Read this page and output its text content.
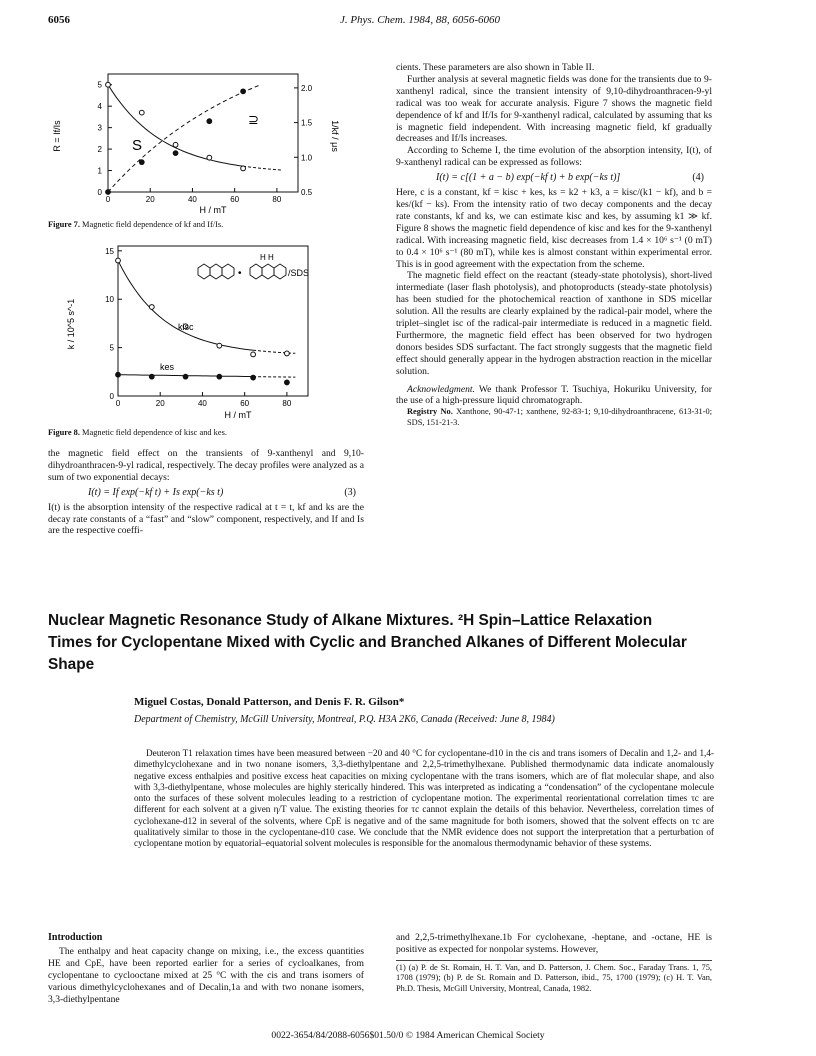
6056	J. Phys. Chem. 1984, 88, 6056-6060
0	20	40	60	80
0
1
2
3
4
5
0.5
1.0
1.5
2.0
R = If/Is	1/kf / μs
H / mT
S
⊇
Figure 7. Magnetic field dependence of kf and If/Is.
0	20	40	60	80
0
5
10
15
k / 10^5 s^-1
H / mT
kisc
kes
•
H H
/SDS
Figure 8. Magnetic field dependence of kisc and kes.

the magnetic field effect on the transients of 9-xanthenyl and 9,10-dihydroanthracen-9-yl radical, respectively. The decay profiles were analyzed as a sum of two exponential decays:

I(t) = If exp(−kf t) + Is exp(−ks t)	(3)

I(t) is the absorption intensity of the respective radical at t = t, kf and ks are the decay rate constants of a “fast” and “slow” component, respectively, and If and Is are the respective coeffi-

cients. These parameters are also shown in Table II.

Further analysis at several magnetic fields was done for the transients due to 9-xanthenyl radical, since the transient intensity of 9,10-dihydroanthracen-9-yl radical was too weak for accurate analysis. Figure 7 shows the magnetic field dependence of kf and If/Is for 9-xanthenyl radical, calculated by assuming that ks is magnetic field independent. With increasing magnetic field, kf gradually decreases and If/Is increases.

According to Scheme I, the time evolution of the absorption intensity, I(t), of 9-xanthenyl radical can be expressed as follows:

I(t) = c[(1 + a − b) exp(−kf t) + b exp(−ks t)]	(4)

Here, c is a constant, kf = kisc + kes, ks = k2 + k3, a = kisc/(k1 − kf), and b = kes/(kf − ks). From the intensity ratio of two decay components and the decay rate constants, kf and ks, we can estimate kisc and kes, by assuming k1 ≫ kf. Figure 8 shows the magnetic field dependence of kisc and kes for the 9-xanthenyl radical. With increasing magnetic field, kisc decreases from 1.4 × 10⁶ s⁻¹ (0 mT) to 0.4 × 10⁶ s⁻¹ (80 mT), while kes is almost constant within experimental error. This is in good agreement with the expectation from the scheme.

The magnetic field effect on the reactant (steady-state photolysis), short-lived intermediate (laser flash photolysis), and photoproducts (steady-state photolysis) has been studied for the photochemical reaction of xanthone in SDS micellar solution. All the results are clearly explained by the radical-pair model, where the triplet–singlet isc of the radical-pair intermediate is reduced in a magnetic field. Furthermore, the magnetic field effect has been observed for two hydrogen donors besides SDS surfactant. The fact strongly suggests that the magnetic field effect should generally appear in the hydrogen abstraction reaction in the micellar solution.

Acknowledgment. We thank Professor T. Tsuchiya, Hokuriku University, for the use of a high-pressure liquid chromatograph.

Registry No. Xanthone, 90-47-1; xanthene, 92-83-1; 9,10-dihydroanthracene, 613-31-0; SDS, 151-21-3.

Nuclear Magnetic Resonance Study of Alkane Mixtures. ²H Spin–Lattice Relaxation
Times for Cyclopentane Mixed with Cyclic and Branched Alkanes of Different Molecular
Shape
Miguel Costas, Donald Patterson, and Denis F. R. Gilson*
Department of Chemistry, McGill University, Montreal, P.Q. H3A 2K6, Canada (Received: June 8, 1984)
Deuteron T1 relaxation times have been measured between −20 and 40 °C for cyclopentane-d10 in the cis and trans isomers of Decalin and 1,2- and 1,4-dimethylcyclohexane and in two nonane isomers, 3,3-diethylpentane and 2,2,5-trimethylhexane. Published thermodynamic data indicate anomalously negative excess enthalpies and positive excess heat capacities on mixing cyclopentane with the trans isomers, which are of flat molecular shape, and also with 3,3-diethylpentane, whose molecules are highly sterically hindered. This was interpreted as indicating a “condensation” of the cyclopentane molecule onto the surfaces of these solvent molecules leading to a restriction of cyclopentane motion. The experimental reorientational correlation times τc are different for each solvent at a given η/T value. The existing theories for τc cannot explain the details of this behavior. Nevertheless, correlation times of cyclohexane-d12 in several of the solvents, where CpE is negative and of the same magnitude for both isomers, showed that the solvent effects on τc are qualitatively similar to those in the cyclopentane-d10 case. We conclude that the NMR evidence does not support the interpretation that a perturbation of cyclopentane motion by equatorial–equatorial solvent molecules is responsible for the anomalous thermodynamic behavior of these systems.
Introduction

The enthalpy and heat capacity change on mixing, i.e., the excess quantities HE and CpE, have been reported earlier for a series of cycloalkanes, from cyclopentane to cyclooctane mixed at 25 °C with the cis and trans isomers of various dimethylcyclohexanes and of Decalin,1a and with two nonane isomers, 3,3-diethylpentane

and 2,2,5-trimethylhexane.1b For cyclohexane, -heptane, and -octane, HE is positive as expected for nonpolar systems. However,

(1) (a) P. de St. Romain, H. T. Van, and D. Patterson, J. Chem. Soc., Faraday Trans. 1, 75, 1708 (1979); (b) P. de St. Romain and D. Patterson, ibid., 75, 1700 (1979); (c) H. T. Van, Ph.D. Thesis, McGill University, Montreal, Canada, 1982.

0022-3654/84/2088-6056$01.50/0 © 1984 American Chemical Society
